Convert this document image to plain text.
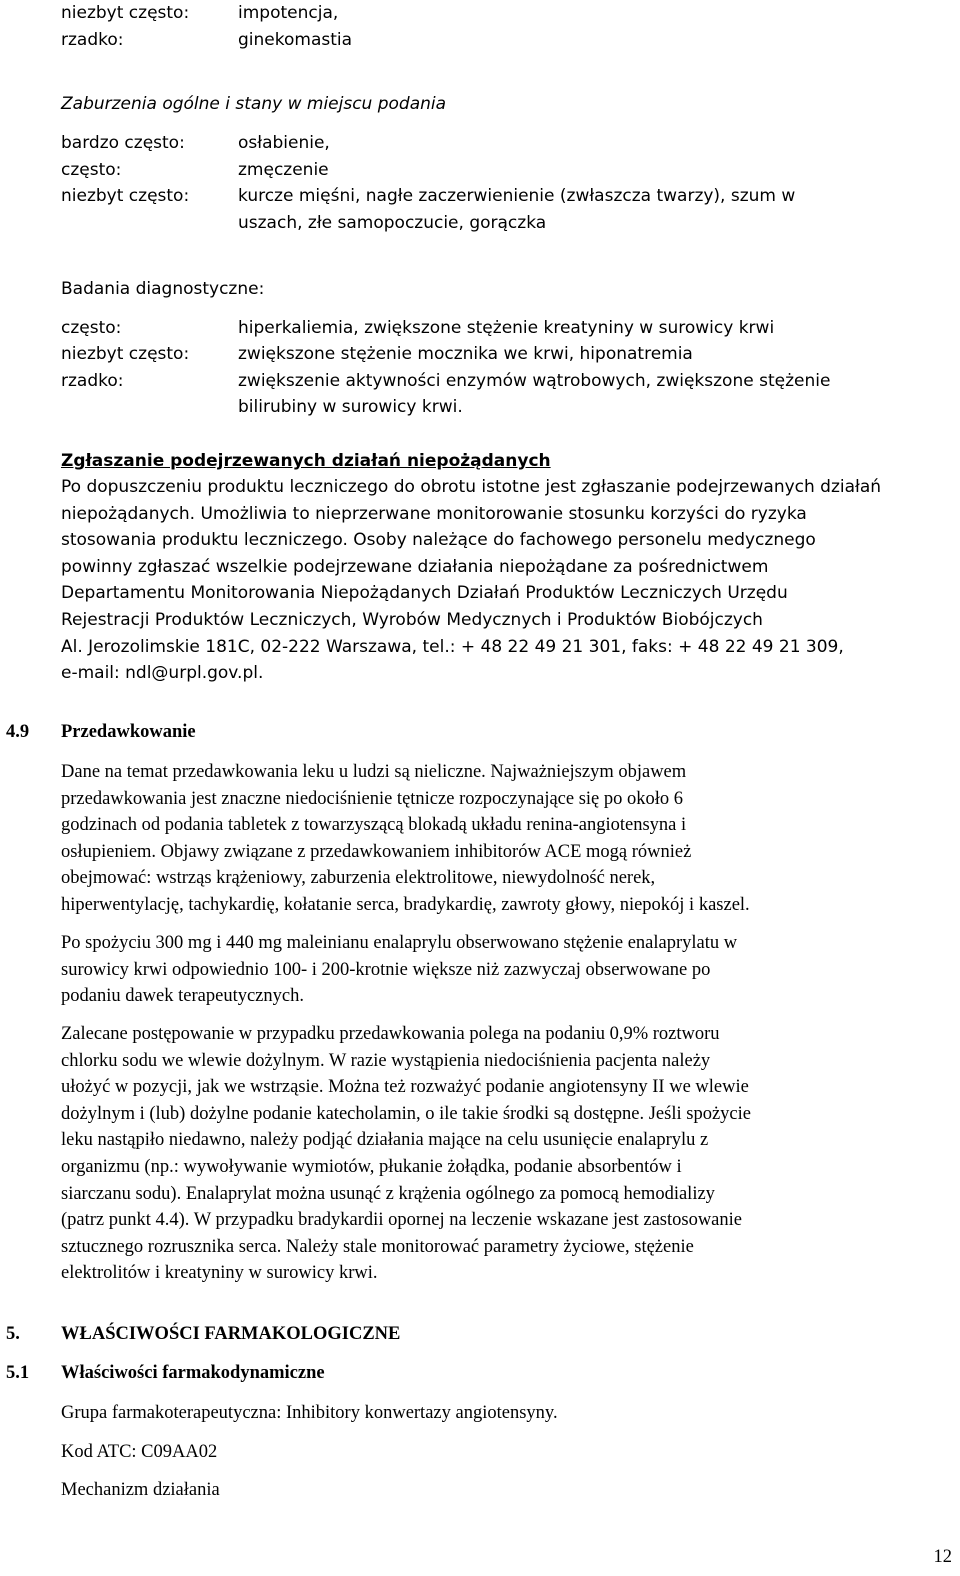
niezbyt często:	impotencja,
rzadko:	ginekomastia
Zaburzenia ogólne i stany w miejscu podania
bardzo często:	osłabienie,
często:	zmęczenie
niezbyt często:	kurcze mięśni, nagłe zaczerwienienie (zwłaszcza twarzy), szum w
uszach, złe samopoczucie, gorączka
Badania diagnostyczne:
często:	hiperkaliemia, zwiększone stężenie kreatyniny w surowicy krwi
niezbyt często:	zwiększone stężenie mocznika we krwi, hiponatremia
rzadko:	zwiększenie aktywności enzymów wątrobowych, zwiększone stężenie
bilirubiny w surowicy krwi.
Zgłaszanie podejrzewanych działań niepożądanych

Po dopuszczeniu produktu leczniczego do obrotu istotne jest zgłaszanie podejrzewanych działań

niepożądanych. Umożliwia to nieprzerwane monitorowanie stosunku korzyści do ryzyka

stosowania produktu leczniczego. Osoby należące do fachowego personelu medycznego

powinny zgłaszać wszelkie podejrzewane działania niepożądane za pośrednictwem

Departamentu Monitorowania Niepożądanych Działań Produktów Leczniczych Urzędu

Rejestracji Produktów Leczniczych, Wyrobów Medycznych i Produktów Biobójczych

Al. Jerozolimskie 181C, 02-222 Warszawa, tel.: + 48 22 49 21 301, faks: + 48 22 49 21 309,

e-mail: ndl@urpl.gov.pl.

4.9 Przedawkowanie

Dane na temat przedawkowania leku u ludzi są nieliczne. Najważniejszym objawem

przedawkowania jest znaczne niedociśnienie tętnicze rozpoczynające się po około 6

godzinach od podania tabletek z towarzyszącą blokadą układu renina-angiotensyna i

osłupieniem. Objawy związane z przedawkowaniem inhibitorów ACE mogą również

obejmować: wstrząs krążeniowy, zaburzenia elektrolitowe, niewydolność nerek,

hiperwentylację, tachykardię, kołatanie serca, bradykardię, zawroty głowy, niepokój i kaszel.

Po spożyciu 300 mg i 440 mg maleinianu enalaprylu obserwowano stężenie enalaprylatu w

surowicy krwi odpowiednio 100- i 200-krotnie większe niż zazwyczaj obserwowane po

podaniu dawek terapeutycznych.

Zalecane postępowanie w przypadku przedawkowania polega na podaniu 0,9% roztworu

chlorku sodu we wlewie dożylnym. W razie wystąpienia niedociśnienia pacjenta należy

ułożyć w pozycji, jak we wstrząsie. Można też rozważyć podanie angiotensyny II we wlewie

dożylnym i (lub) dożylne podanie katecholamin, o ile takie środki są dostępne. Jeśli spożycie

leku nastąpiło niedawno, należy podjąć działania mające na celu usunięcie enalaprylu z

organizmu (np.: wywoływanie wymiotów, płukanie żołądka, podanie absorbentów i

siarczanu sodu). Enalaprylat można usunąć z krążenia ogólnego za pomocą hemodializy

(patrz punkt 4.4). W przypadku bradykardii opornej na leczenie wskazane jest zastosowanie

sztucznego rozrusznika serca. Należy stale monitorować parametry życiowe, stężenie

elektrolitów i kreatyniny w surowicy krwi.

5. WŁAŚCIWOŚCI FARMAKOLOGICZNE
5.1 Właściwości farmakodynamiczne
Grupa farmakoterapeutyczna: Inhibitory konwertazy angiotensyny.
Kod ATC: C09AA02
Mechanizm działania
12
